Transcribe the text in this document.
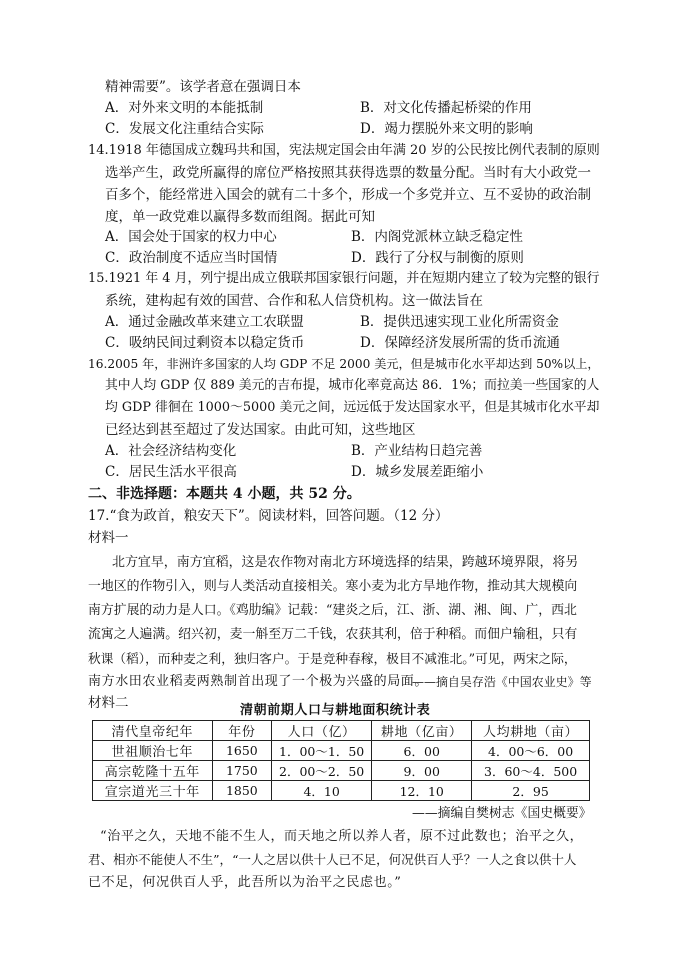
精神需要”。该学者意在强调日本
A．对外来文明的本能抵制	B．对文化传播起桥梁的作用
C．发展文化注重结合实际	D．竭力摆脱外来文明的影响
14.1918 年德国成立魏玛共和国，宪法规定国会由年满 20 岁的公民按比例代表制的原则
选举产生，政党所赢得的席位严格按照其获得选票的数量分配。当时有大小政党一
百多个，能经常进入国会的就有二十多个，形成一个多党并立、互不妥协的政治制
度，单一政党难以赢得多数而组阁。据此可知
A．国会处于国家的权力中心	B．内阁党派林立缺乏稳定性
C．政治制度不适应当时国情	D．践行了分权与制衡的原则
15.1921 年 4 月，列宁提出成立俄联邦国家银行问题，并在短期内建立了较为完整的银行
系统，建构起有效的国营、合作和私人信贷机构。这一做法旨在
A．通过金融改革来建立工农联盟	B．提供迅速实现工业化所需资金
C．吸纳民间过剩资本以稳定货币	D．保障经济发展所需的货币流通
16.2005 年，非洲许多国家的人均 GDP 不足 2000 美元，但是城市化水平却达到 50%以上，
其中人均 GDP 仅 889 美元的吉布提，城市化率竟高达 86．1%；而拉美一些国家的人
均 GDP 徘徊在 1000～5000 美元之间，远远低于发达国家水平，但是其城市化水平却
已经达到甚至超过了发达国家。由此可知，这些地区
A．社会经济结构变化	B．产业结构日趋完善
C．居民生活水平很高	D．城乡发展差距缩小
二、非选择题：本题共 4 小题，共 52 分。
17.“食为政首，粮安天下”。阅读材料，回答问题。（12 分）
材料一
北方宜早，南方宜稻，这是农作物对南北方环境选择的结果，跨越环境界限，将另
一地区的作物引入，则与人类活动直接相关。寒小麦为北方旱地作物，推动其大规模向
南方扩展的动力是人口。《鸡肋编》记载：“建炎之后，江、浙、湖、湘、闽、广，西北
流寓之人遍满。绍兴初，麦一斛至万二千钱，农获其利，倍于种稻。而佃户输租，只有
秋课（稻），而种麦之利，独归客户。于是竞种春稼，极目不减淮北。”可见，两宋之际，
南方水田农业稻麦两熟制首出现了一个极为兴盛的局面。
——摘自吴存浩《中国农业史》等
材料二	清朝前期人口与耕地面积统计表
清代皇帝纪年	年份	人口（亿）	耕地（亿亩）	人均耕地（亩）
世祖顺治七年	1650	1．00～1．50	6．00	4．00～6．00
高宗乾隆十五年	1750	2．00～2．50	9．00	3．60～4．500
宣宗道光三十年	1850	4．10	12．10	2．95
——摘编自樊树志《国史概要》
“治平之久，天地不能不生人，而天地之所以养人者，原不过此数也；治平之久，
君、相亦不能使人不生”，“一人之居以供十人已不足，何况供百人乎？一人之食以供十人
已不足，何况供百人乎，此吾所以为治平之民虑也。”
